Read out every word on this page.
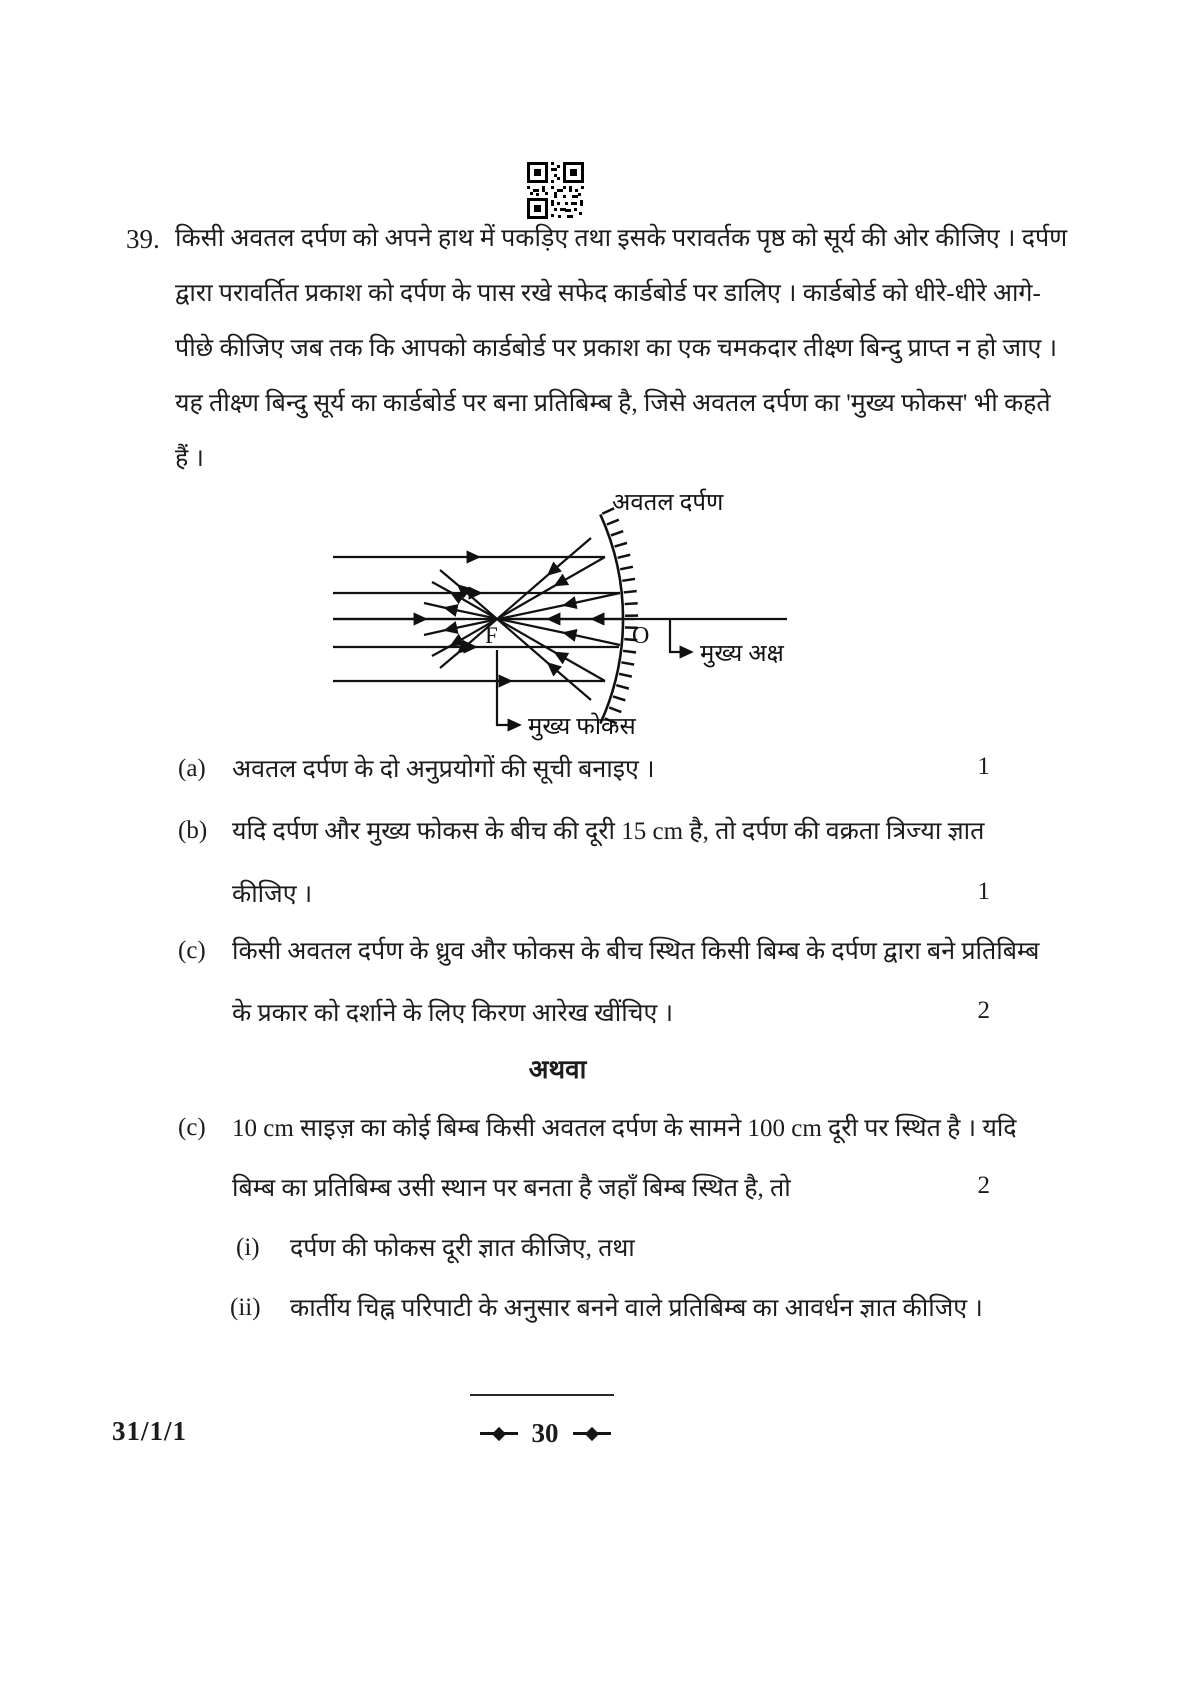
39. किसी अवतल दर्पण को अपने हाथ में पकड़िए तथा इसके परावर्तक पृष्ठ को सूर्य की ओर कीजिए । दर्पण
द्वारा परावर्तित प्रकाश को दर्पण के पास रखे सफेद कार्डबोर्ड पर डालिए । कार्डबोर्ड को धीरे-धीरे आगे-
पीछे कीजिए जब तक कि आपको कार्डबोर्ड पर प्रकाश का एक चमकदार तीक्ष्ण बिन्दु प्राप्त न हो जाए ।
यह तीक्ष्ण बिन्दु सूर्य का कार्डबोर्ड पर बना प्रतिबिम्ब है, जिसे अवतल दर्पण का 'मुख्य फोकस' भी कहते
हैं ।
अवतल दर्पण
F	O
मुख्य अक्ष
मुख्य फोकस
(a) अवतल दर्पण के दो अनुप्रयोगों की सूची बनाइए ।
(b) यदि दर्पण और मुख्य फोकस के बीच की दूरी 15 cm है, तो दर्पण की वक्रता त्रिज्या ज्ञात
कीजिए ।
(c) किसी अवतल दर्पण के ध्रुव और फोकस के बीच स्थित किसी बिम्ब के दर्पण द्वारा बने प्रतिबिम्ब
के प्रकार को दर्शाने के लिए किरण आरेख खींचिए ।
अथवा
(c) 10 cm साइज़ का कोई बिम्ब किसी अवतल दर्पण के सामने 100 cm दूरी पर स्थित है । यदि
बिम्ब का प्रतिबिम्ब उसी स्थान पर बनता है जहाँ बिम्ब स्थित है, तो
(i) दर्पण की फोकस दूरी ज्ञात कीजिए, तथा
(ii) कार्तीय चिह्न परिपाटी के अनुसार बनने वाले प्रतिबिम्ब का आवर्धन ज्ञात कीजिए ।
1
1
2
2
31/1/1	30
